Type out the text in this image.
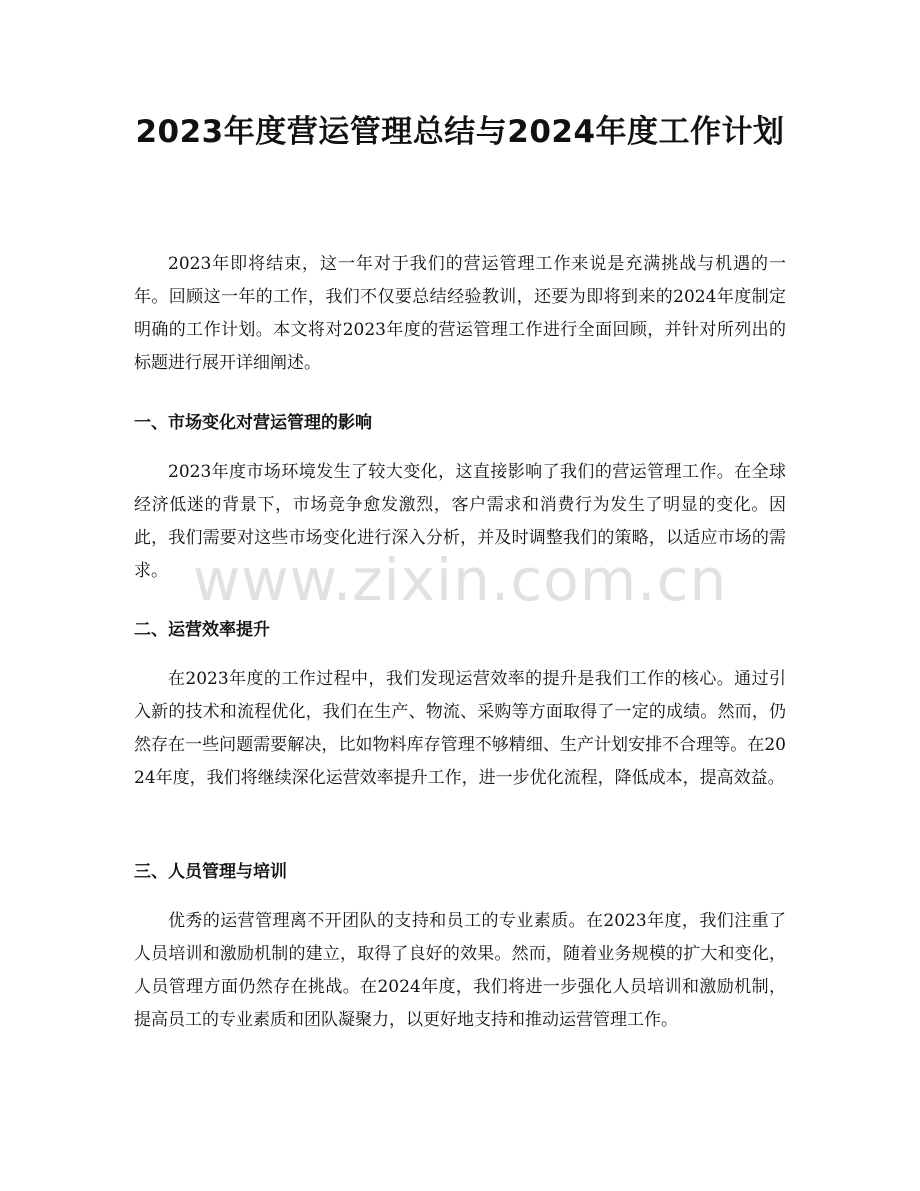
2023年度营运管理总结与2024年度工作计划

2023年即将结束，这一年对于我们的营运管理工作来说是充满挑战与机遇的一年。回顾这一年的工作，我们不仅要总结经验教训，还要为即将到来的2024年度制定明确的工作计划。本文将对2023年度的营运管理工作进行全面回顾，并针对所列出的标题进行展开详细阐述。

一、市场变化对营运管理的影响

2023年度市场环境发生了较大变化，这直接影响了我们的营运管理工作。在全球经济低迷的背景下，市场竞争愈发激烈，客户需求和消费行为发生了明显的变化。因此，我们需要对这些市场变化进行深入分析，并及时调整我们的策略，以适应市场的需求。

二、运营效率提升

在2023年度的工作过程中，我们发现运营效率的提升是我们工作的核心。通过引入新的技术和流程优化，我们在生产、物流、采购等方面取得了一定的成绩。然而，仍然存在一些问题需要解决，比如物料库存管理不够精细、生产计划安排不合理等。在2024年度，我们将继续深化运营效率提升工作，进一步优化流程，降低成本，提高效益。

三、人员管理与培训

优秀的运营管理离不开团队的支持和员工的专业素质。在2023年度，我们注重了人员培训和激励机制的建立，取得了良好的效果。然而，随着业务规模的扩大和变化，人员管理方面仍然存在挑战。在2024年度，我们将进一步强化人员培训和激励机制，提高员工的专业素质和团队凝聚力，以更好地支持和推动运营管理工作。

www.zixin.com.cn
